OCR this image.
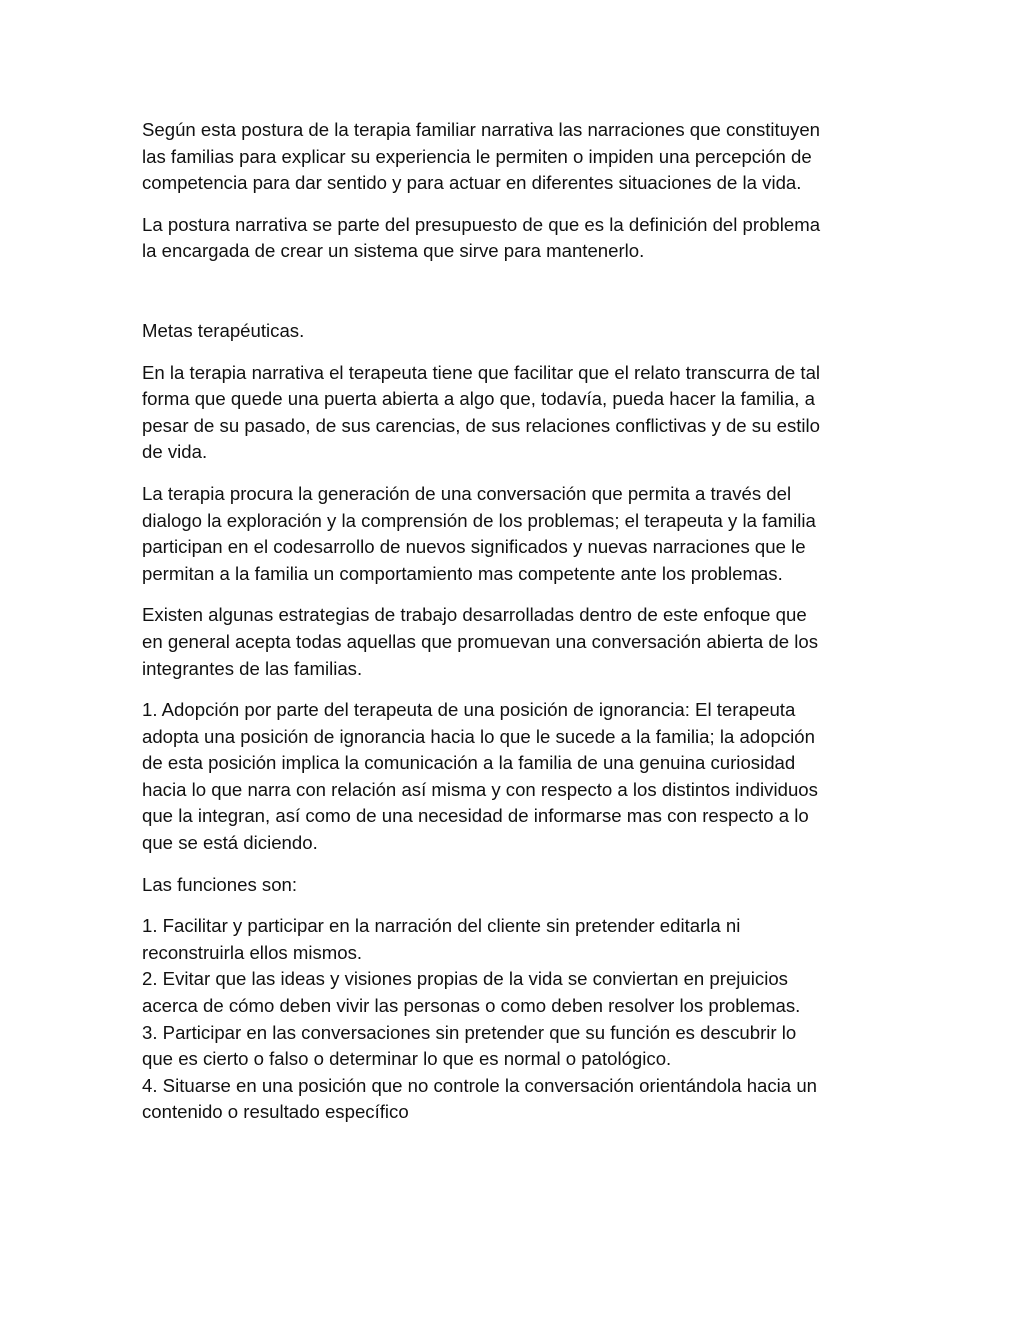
Según esta postura de la terapia familiar narrativa las narraciones que constituyen
las familias para explicar su experiencia le permiten o impiden una percepción de
competencia para dar sentido y para actuar en diferentes situaciones de la vida.
La postura narrativa se parte del presupuesto de que es la definición del problema
la encargada de crear un sistema que sirve para mantenerlo.
Metas terapéuticas.
En la terapia narrativa el terapeuta tiene que facilitar que el relato transcurra de tal
forma que quede una puerta abierta a algo que, todavía, pueda hacer la familia, a
pesar de su pasado, de sus carencias, de sus relaciones conflictivas y de su estilo
de vida.
La terapia procura la generación de una conversación que permita a través del
dialogo la exploración y la comprensión de los problemas; el terapeuta y la familia
participan en el codesarrollo de nuevos significados y nuevas narraciones que le
permitan a la familia un comportamiento mas competente ante los problemas.
Existen algunas estrategias de trabajo desarrolladas dentro de este enfoque que
en general acepta todas aquellas que promuevan una conversación abierta de los
integrantes de las familias.
1. Adopción por parte del terapeuta de una posición de ignorancia: El terapeuta
adopta una posición de ignorancia hacia lo que le sucede a la familia; la adopción
de esta posición implica la comunicación a la familia de una genuina curiosidad
hacia lo que narra con relación así misma y con respecto a los distintos individuos
que la integran, así como de una necesidad de informarse mas con respecto a lo
que se está diciendo.
Las funciones son:
1. Facilitar y participar en la narración del cliente sin pretender editarla ni
reconstruirla ellos mismos.
2. Evitar que las ideas y visiones propias de la vida se conviertan en prejuicios
acerca de cómo deben vivir las personas o como deben resolver los problemas.
3. Participar en las conversaciones sin pretender que su función es descubrir lo
que es cierto o falso o determinar lo que es normal o patológico.
4. Situarse en una posición que no controle la conversación orientándola hacia un
contenido o resultado específico
